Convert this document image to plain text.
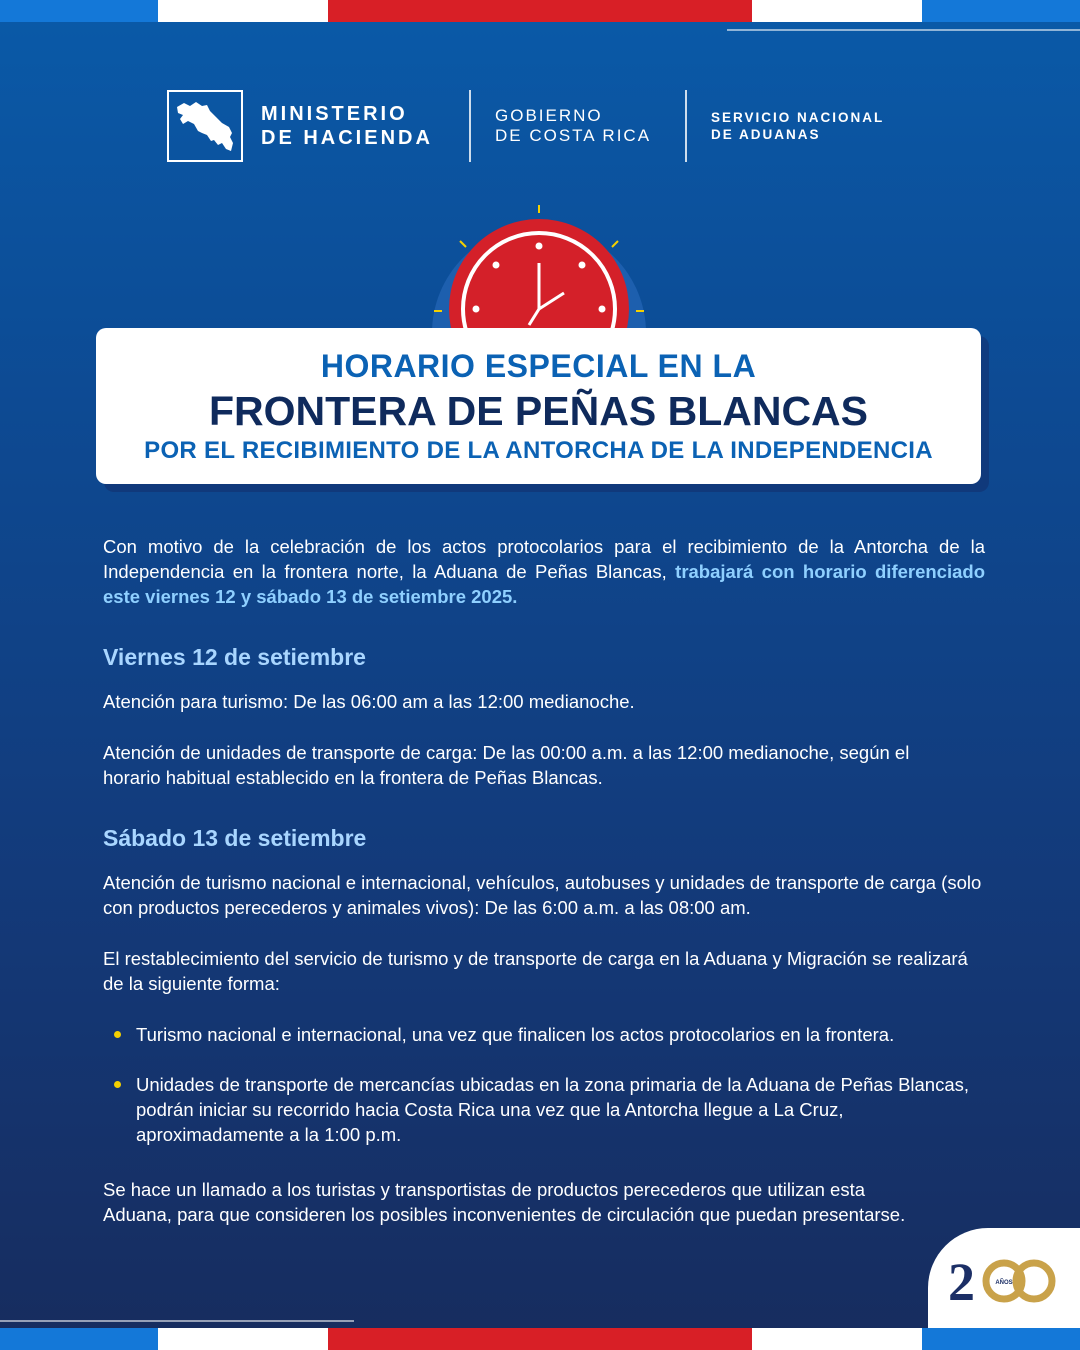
MINISTERIO
DE HACIENDA
GOBIERNO
DE COSTA RICA
SERVICIO NACIONAL
DE ADUANAS
HORARIO ESPECIAL EN LA
FRONTERA DE PEÑAS BLANCAS
POR EL RECIBIMIENTO DE LA ANTORCHA DE LA INDEPENDENCIA

Con motivo de la celebración de los actos protocolarios para el recibimiento de la Antorcha de la Independencia en la frontera norte, la Aduana de Peñas Blancas, trabajará con horario diferenciado este viernes 12 y sábado 13 de setiembre 2025.

Viernes 12 de setiembre

Atención para turismo: De las 06:00 am a las 12:00 medianoche.

Atención de unidades de transporte de carga: De las 00:00 a.m. a las 12:00 medianoche, según el horario habitual establecido en la frontera de Peñas Blancas.

Sábado 13 de setiembre

Atención de turismo nacional e internacional, vehículos, autobuses y unidades de transporte de carga (solo con productos perecederos y animales vivos): De las 6:00 a.m. a las 08:00 am.

El restablecimiento del servicio de turismo y de transporte de carga en la Aduana y Migración se realizará de la siguiente forma:

Turismo nacional e internacional, una vez que finalicen los actos protocolarios en la frontera.
Unidades de transporte de mercancías ubicadas en la zona primaria de la Aduana de Peñas Blancas, podrán iniciar su recorrido hacia Costa Rica una vez que la Antorcha llegue a La Cruz, aproximadamente a la 1:00 p.m.

Se hace un llamado a los turistas y transportistas de productos perecederos que utilizan esta Aduana, para que consideren los posibles inconvenientes de circulación que puedan presentarse.

2	AÑOS
